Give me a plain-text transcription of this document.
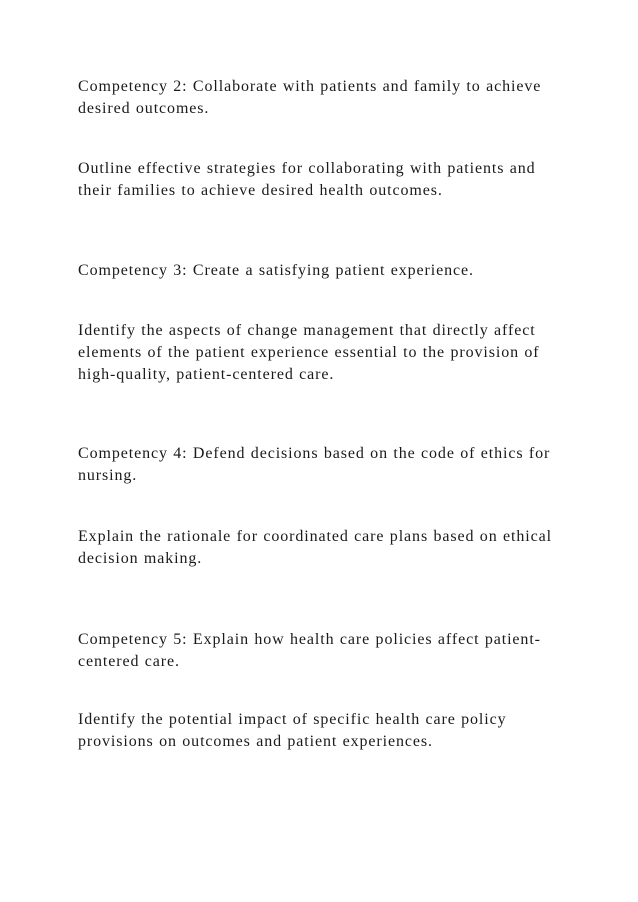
Competency 2: Collaborate with patients and family to achieve
desired outcomes.

Outline effective strategies for collaborating with patients and
their families to achieve desired health outcomes.

Competency 3: Create a satisfying patient experience.

Identify the aspects of change management that directly affect
elements of the patient experience essential to the provision of
high-quality, patient-centered care.

Competency 4: Defend decisions based on the code of ethics for
nursing.

Explain the rationale for coordinated care plans based on ethical
decision making.

Competency 5: Explain how health care policies affect patient-
centered care.

Identify the potential impact of specific health care policy
provisions on outcomes and patient experiences.
